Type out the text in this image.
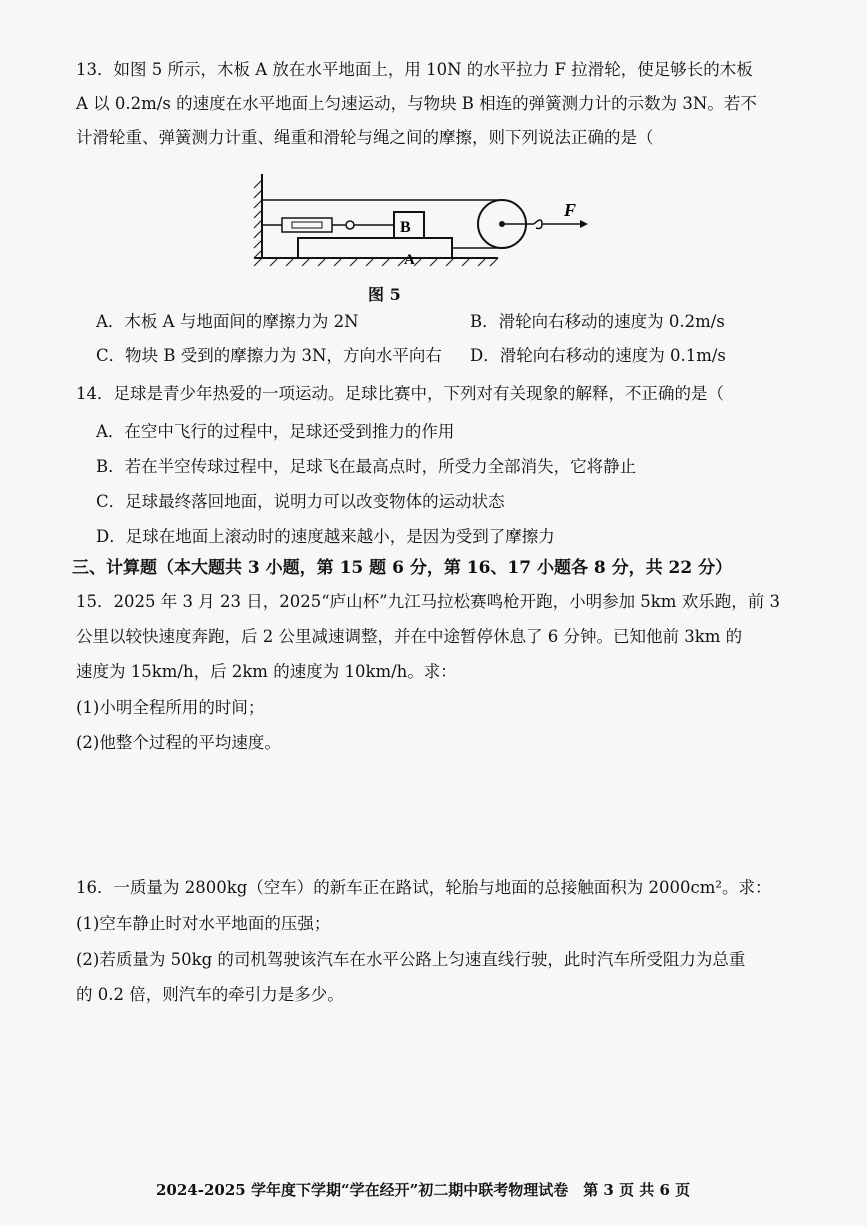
13．如图 5 所示，木板 A 放在水平地面上，用 10N 的水平拉力 F 拉滑轮，使足够长的木板
A 以 0.2m/s 的速度在水平地面上匀速运动，与物块 B 相连的弹簧测力计的示数为 3N。若不
计滑轮重、弹簧测力计重、绳重和滑轮与绳之间的摩擦，则下列说法正确的是（
B
A
F
图 5
A．木板 A 与地面间的摩擦力为 2N	B．滑轮向右移动的速度为 0.2m/s
C．物块 B 受到的摩擦力为 3N，方向水平向右 D．滑轮向右移动的速度为 0.1m/s
14．足球是青少年热爱的一项运动。足球比赛中，下列对有关现象的解释，不正确的是（
A．在空中飞行的过程中，足球还受到推力的作用
B．若在半空传球过程中，足球飞在最高点时，所受力全部消失，它将静止
C．足球最终落回地面，说明力可以改变物体的运动状态
D．足球在地面上滚动时的速度越来越小，是因为受到了摩擦力
三、计算题（本大题共 3 小题，第 15 题 6 分，第 16、17 小题各 8 分，共 22 分）
15．2025 年 3 月 23 日，2025“庐山杯”九江马拉松赛鸣枪开跑，小明参加 5km 欢乐跑，前 3
公里以较快速度奔跑，后 2 公里减速调整，并在中途暂停休息了 6 分钟。已知他前 3km 的
速度为 15km/h，后 2km 的速度为 10km/h。求：
(1)小明全程所用的时间；
(2)他整个过程的平均速度。
16．一质量为 2800kg（空车）的新车正在路试，轮胎与地面的总接触面积为 2000cm²。求：
(1)空车静止时对水平地面的压强；
(2)若质量为 50kg 的司机驾驶该汽车在水平公路上匀速直线行驶，此时汽车所受阻力为总重
的 0.2 倍，则汽车的牵引力是多少。
2024-2025 学年度下学期“学在经开”初二期中联考物理试卷　第 3 页 共 6 页
